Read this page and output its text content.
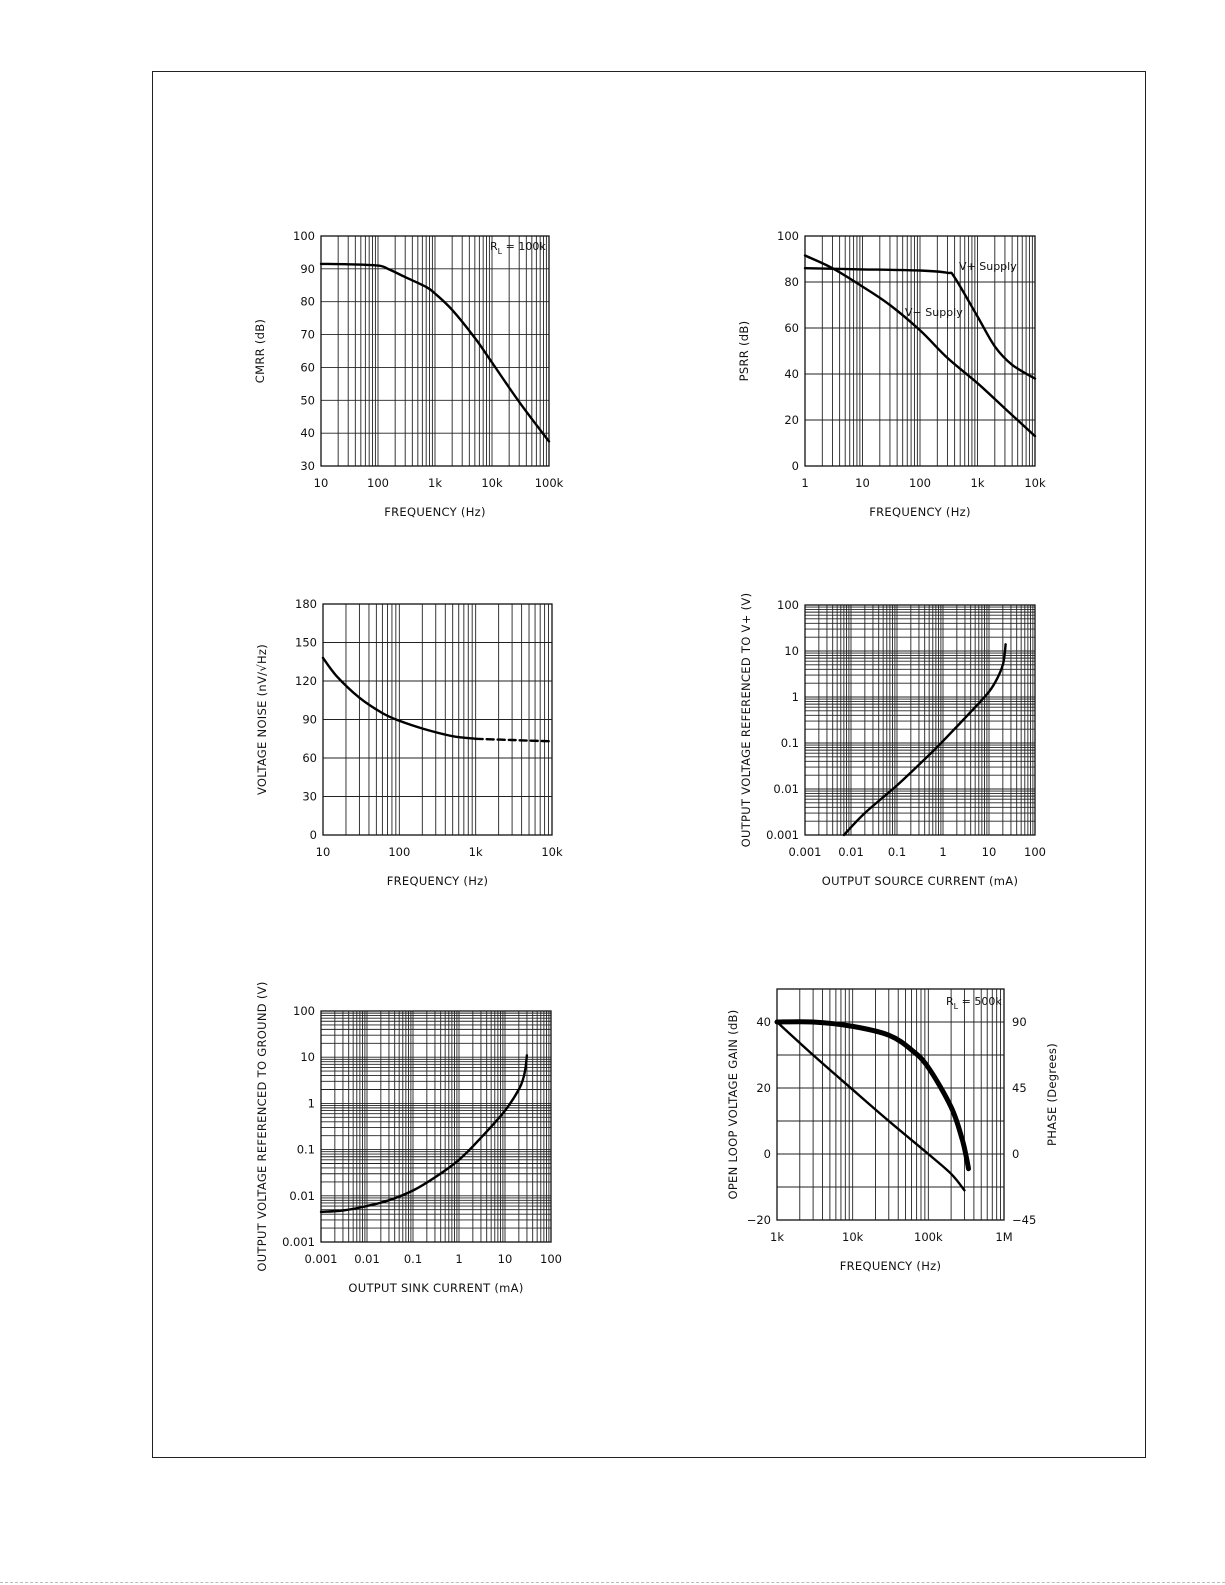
10	100	1k	10k	100k
30
40
50
60
70
80
90
100
FREQUENCY (Hz)
CMRR (dB)
$R_L = 100k$
1	10	100	1k	10k
0
20
40
60
80
100
FREQUENCY (Hz)
PSRR (dB)
V+ Supply
V− Supply
10	100	1k	10k
0
30
60
90
120
150
180
FREQUENCY (Hz)
VOLTAGE NOISE (nV/√Hz)
0.001 0.01 0.1	1	10 100
0.001
0.01
0.1
1
10
100
OUTPUT SOURCE CURRENT (mA)
OUTPUT VOLTAGE REFERENCED TO V+ (V)
0.001 0.01 0.1	1	10 100
0.001
0.01
0.1
1
10
100
OUTPUT SINK CURRENT (mA)
OUTPUT VOLTAGE REFERENCED TO GROUND (V)	1k	10k	100k	1M
−20
0
20
40
−45
0
45
90
FREQUENCY (Hz)
OPEN LOOP VOLTAGE GAIN (dB)	PHASE (Degrees)
$R_L = 500k$
